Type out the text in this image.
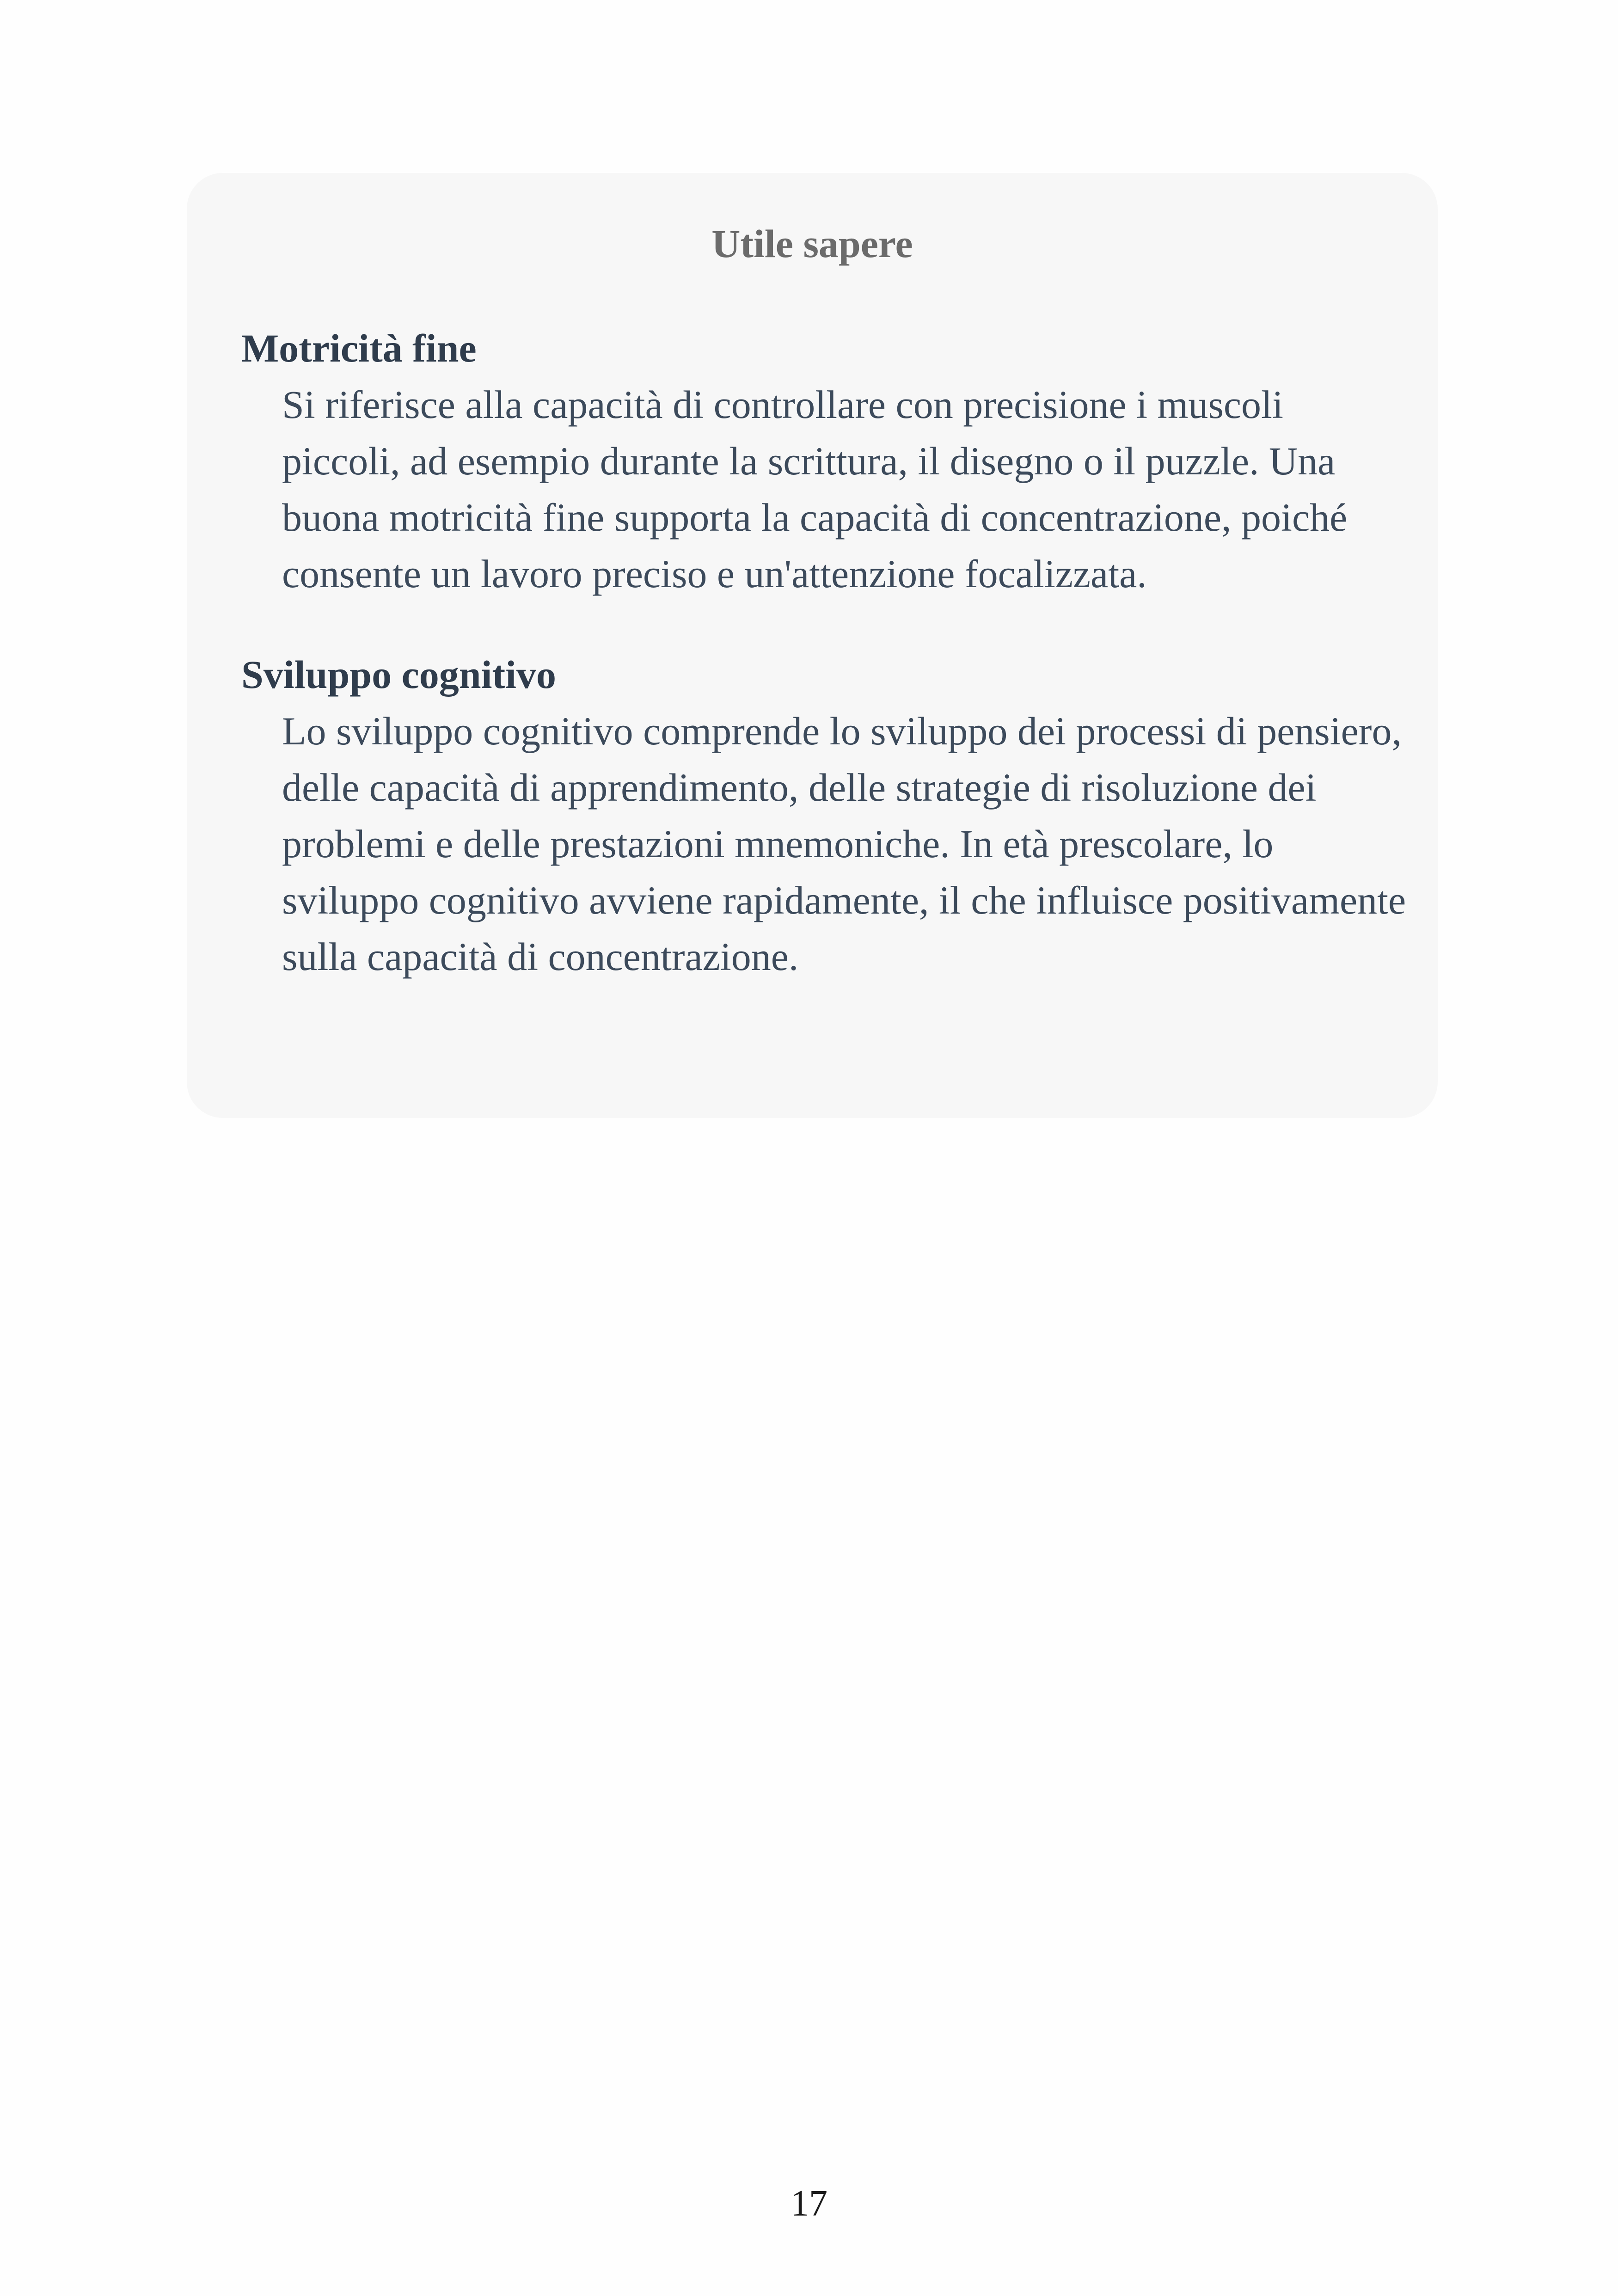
Utile sapere

Motricità fine

Si riferisce alla capacità di controllare con precisione i muscoli piccoli, ad esempio durante la scrittura, il disegno o il puzzle. Una buona motricità fine supporta la capacità di concentrazione, poiché consente un lavoro preciso e un'attenzione focalizzata.

Sviluppo cognitivo

Lo sviluppo cognitivo comprende lo sviluppo dei processi di pensiero, delle capacità di apprendimento, delle strategie di risoluzione dei problemi e delle prestazioni mnemoniche. In età prescolare, lo sviluppo cognitivo avviene rapidamente, il che influisce positivamente sulla capacità di concentrazione.

17
